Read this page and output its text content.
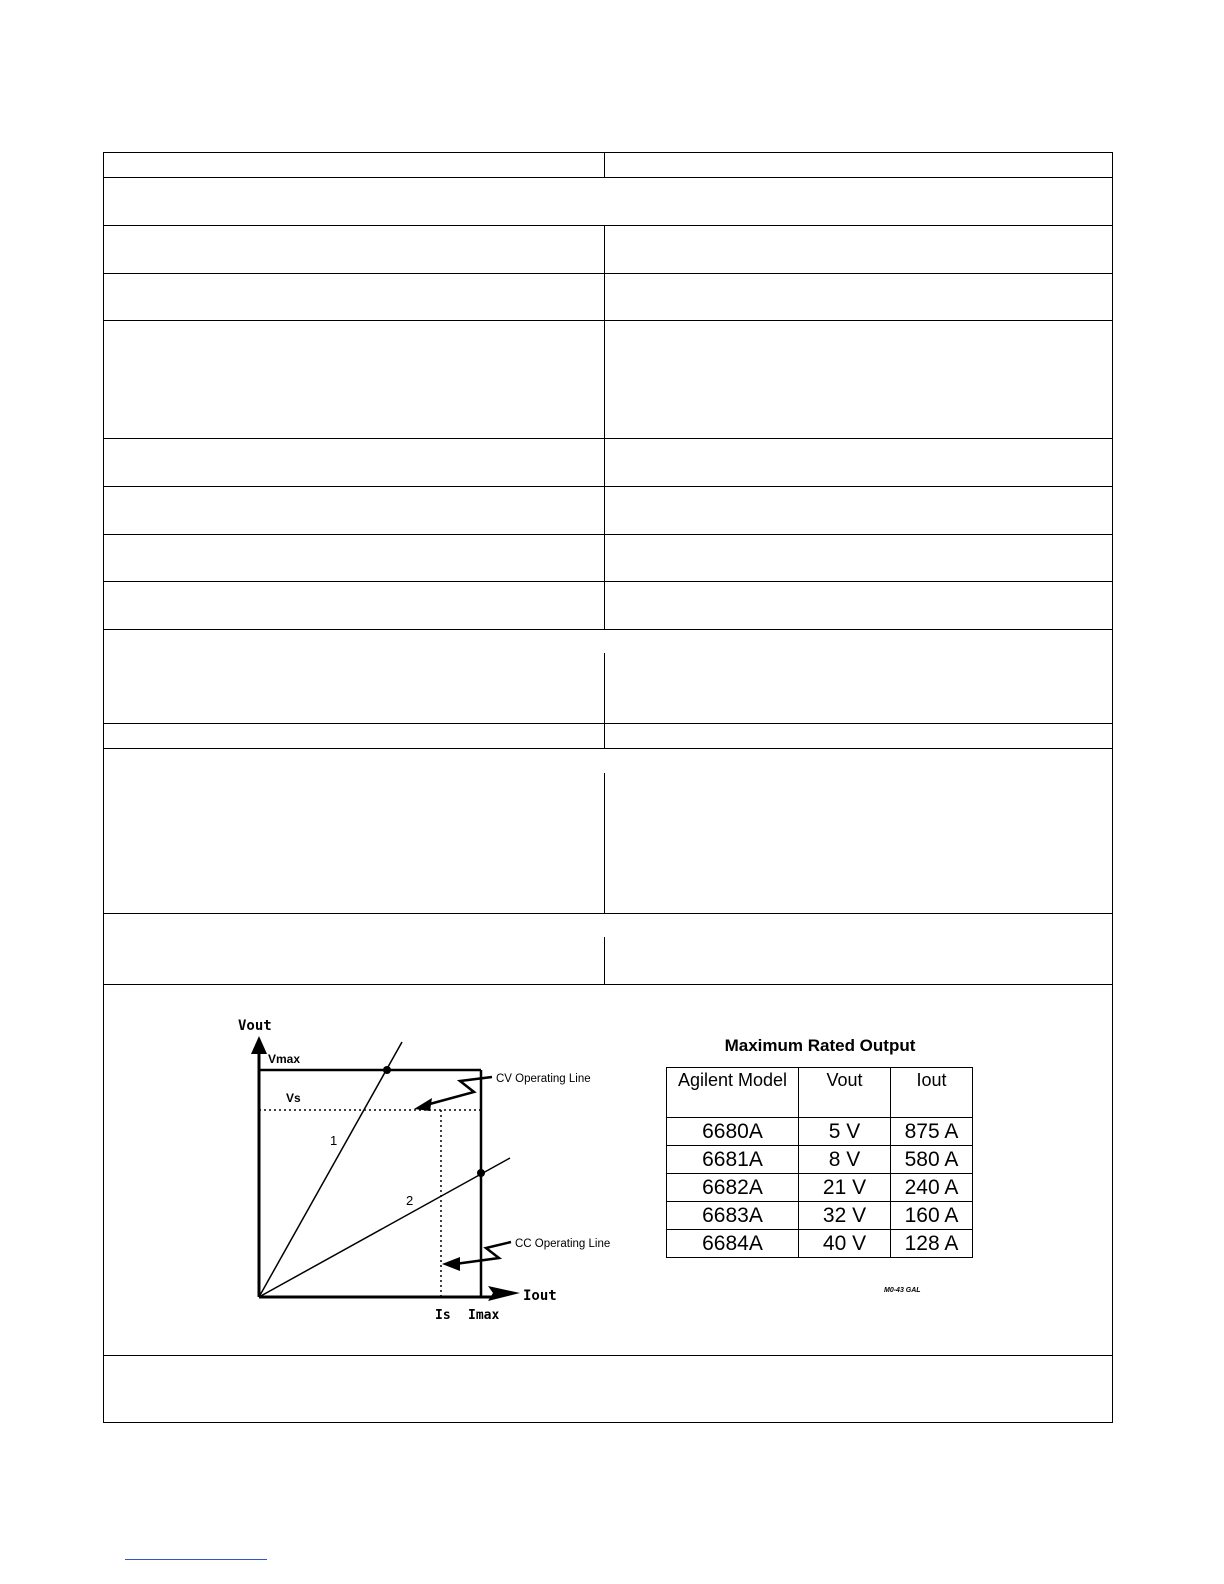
Vout
Vmax
Vs
1
2
CV Operating Line
CC Operating Line
Iout
Is Imax
Maximum Rated Output
Agilent Model	Vout	Iout
6680A	5 V	875 A
6681A	8 V	580 A
6682A	21 V	240 A
6683A	32 V	160 A
6684A	40 V	128 A
M0-43 GAL
